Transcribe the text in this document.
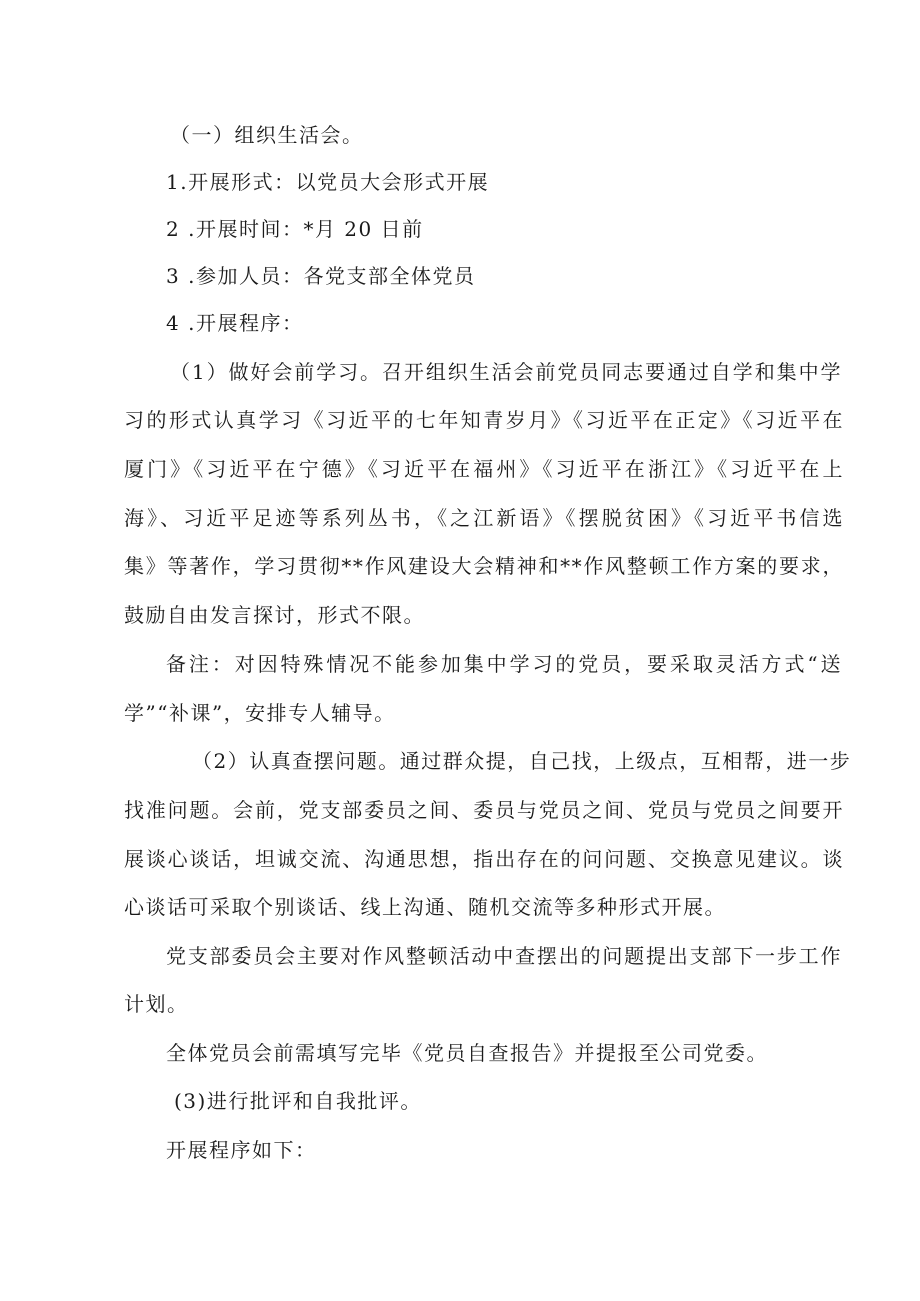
（一）组织生活会。
1.开展形式：以党员大会形式开展
2 .开展时间：*月 20 日前
3 .参加人员：各党支部全体党员
4 .开展程序：
（1）做好会前学习。召开组织生活会前党员同志要通过自学和集中学
习的形式认真学习《习近平的七年知青岁月》《习近平在正定》《习近平在
厦门》《习近平在宁德》《习近平在福州》《习近平在浙江》《习近平在上
海》、习近平足迹等系列丛书，《之江新语》《摆脱贫困》《习近平书信选
集》等著作，学习贯彻**作风建设大会精神和**作风整顿工作方案的要求，
鼓励自由发言探讨，形式不限。
备注：对因特殊情况不能参加集中学习的党员，要采取灵活方式“送
学”“补课”，安排专人辅导。
（2）认真查摆问题。通过群众提，自己找，上级点，互相帮，进一步
找准问题。会前，党支部委员之间、委员与党员之间、党员与党员之间要开
展谈心谈话，坦诚交流、沟通思想，指出存在的问问题、交换意见建议。谈
心谈话可采取个别谈话、线上沟通、随机交流等多种形式开展。
党支部委员会主要对作风整顿活动中查摆出的问题提出支部下一步工作
计划。
全体党员会前需填写完毕《党员自查报告》并提报至公司党委。
(3)进行批评和自我批评。
开展程序如下：
